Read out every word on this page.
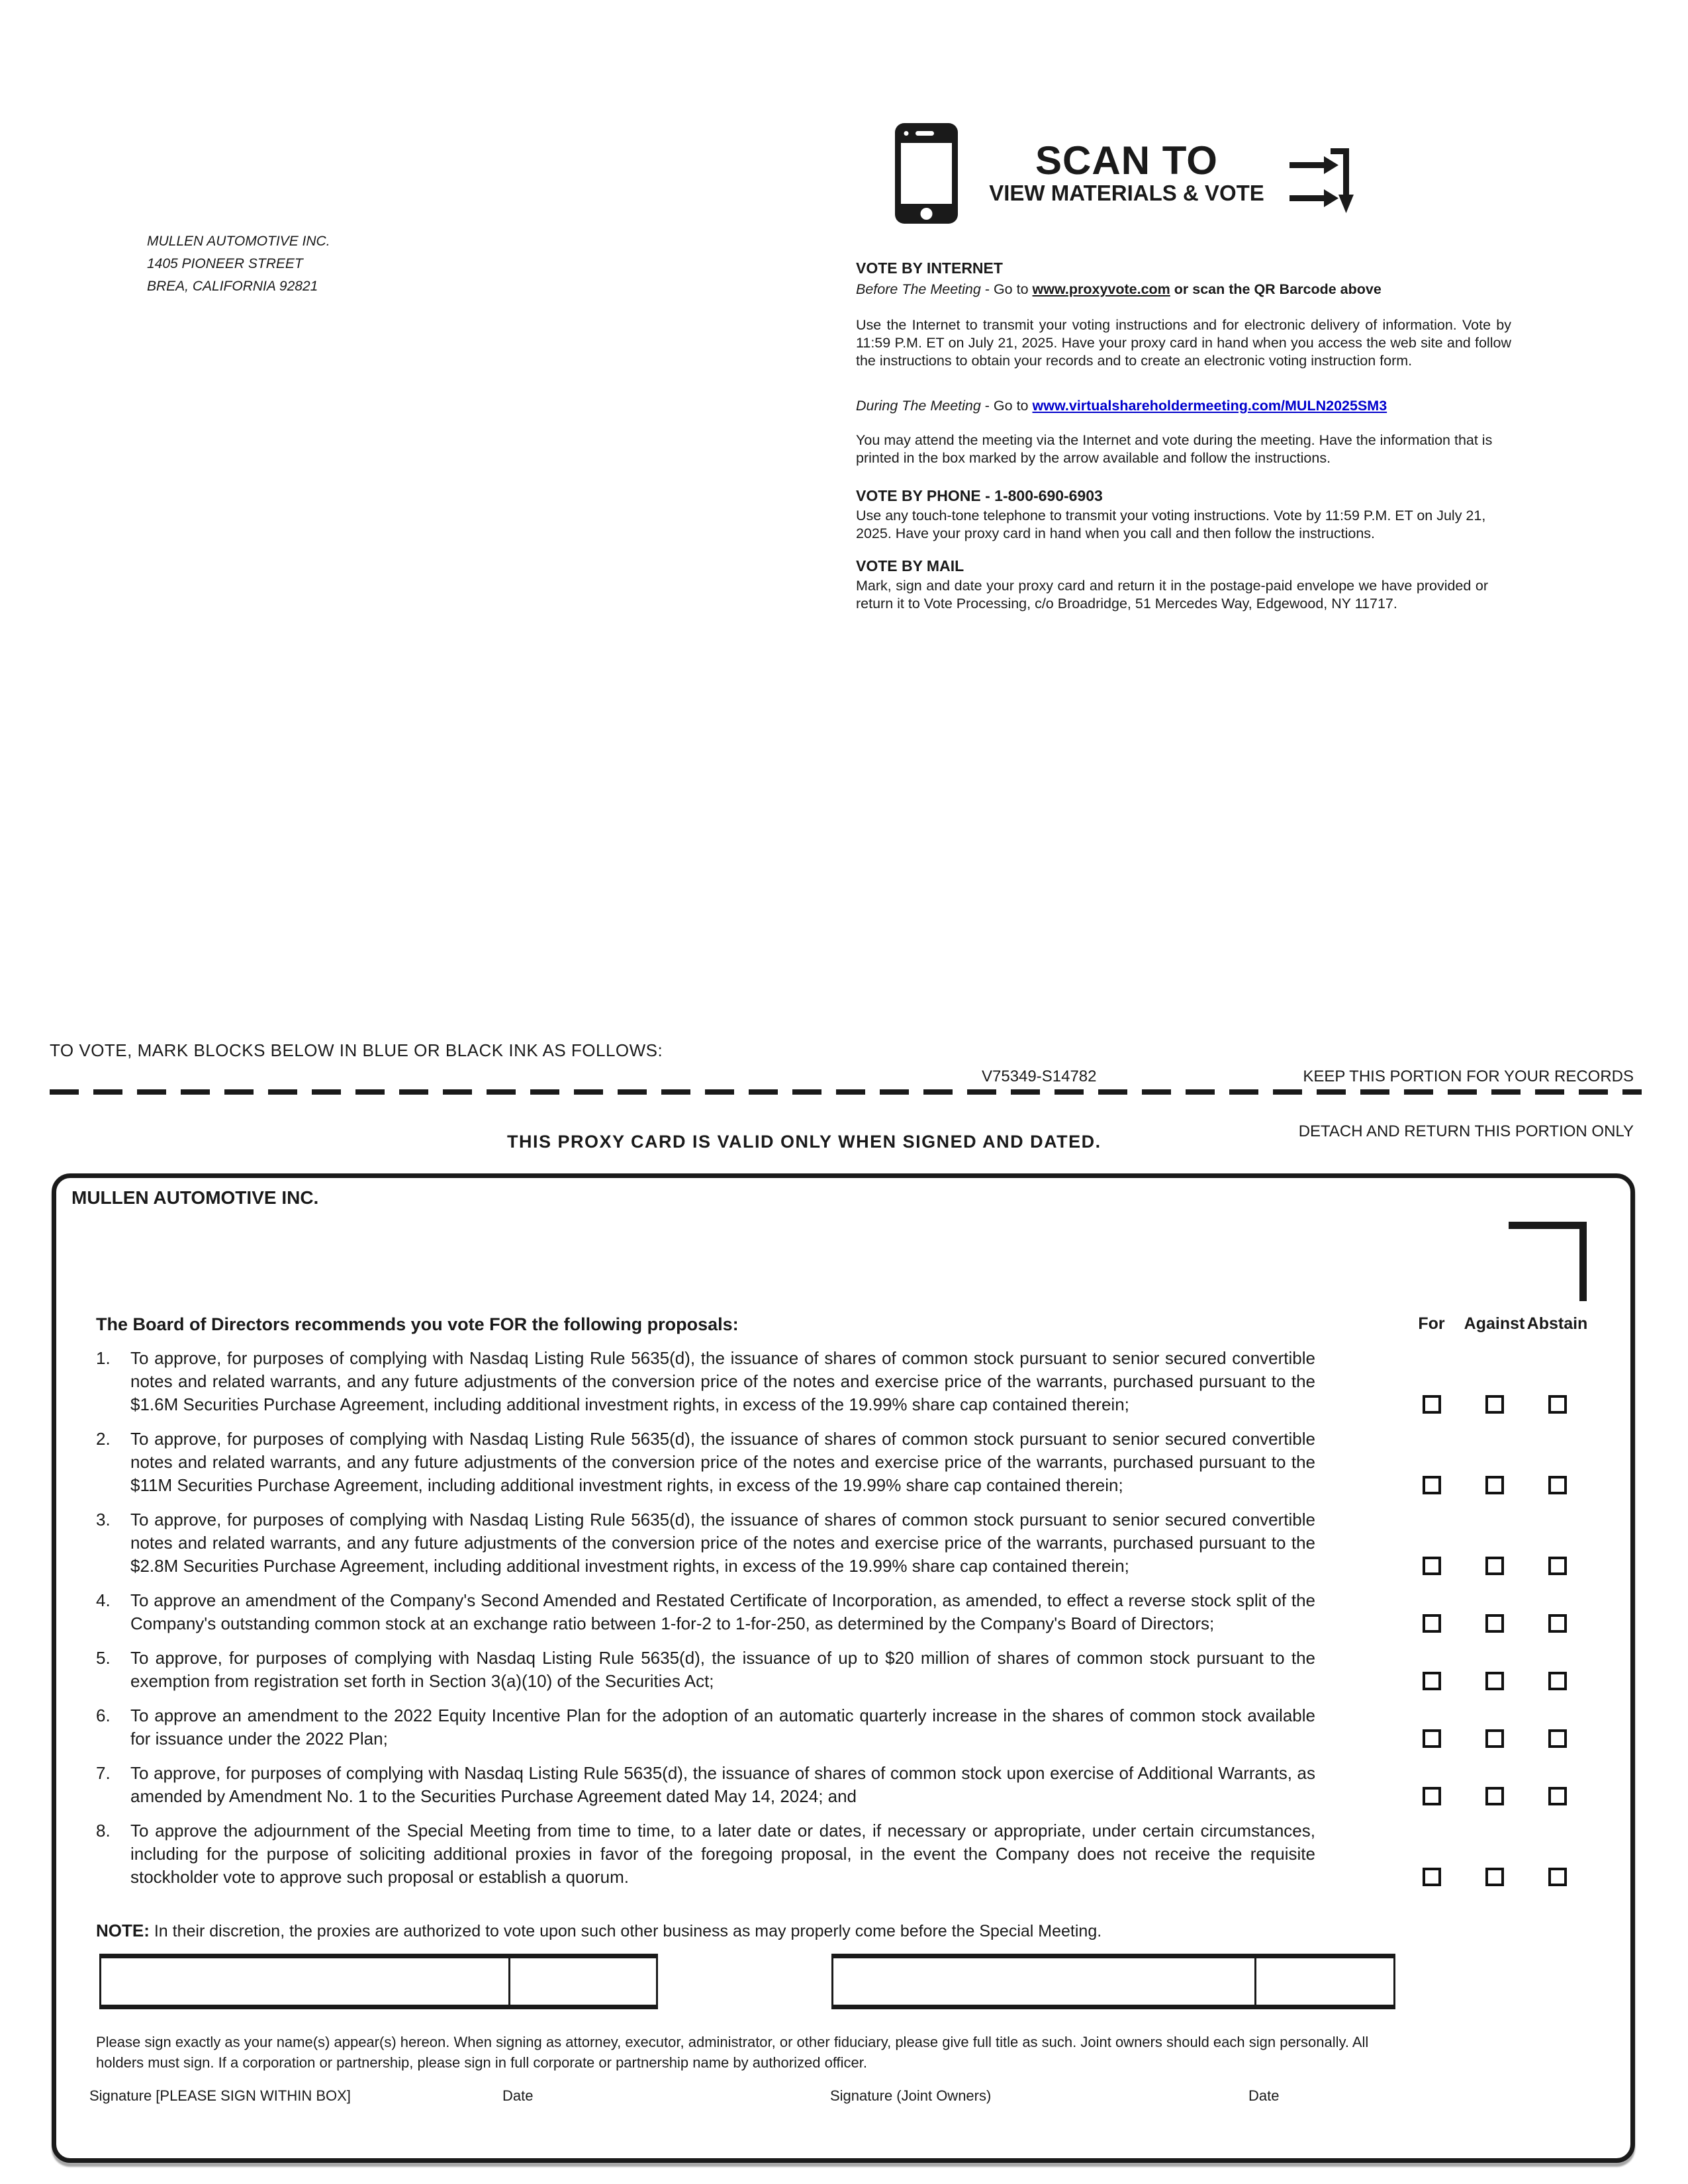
MULLEN AUTOMOTIVE INC.
1405 PIONEER STREET
BREA, CALIFORNIA 92821
SCAN TO
VIEW MATERIALS & VOTE
VOTE BY INTERNET
Before The Meeting - Go to www.proxyvote.com or scan the QR Barcode above
Use the Internet to transmit your voting instructions and for electronic delivery of information. Vote by 11:59 P.M. ET on July 21, 2025. Have your proxy card in hand when you access the web site and follow the instructions to obtain your records and to create an electronic voting instruction form.
During The Meeting - Go to www.virtualshareholdermeeting.com/MULN2025SM3
You may attend the meeting via the Internet and vote during the meeting. Have the information that is printed in the box marked by the arrow available and follow the instructions.
VOTE BY PHONE - 1-800-690-6903
Use any touch-tone telephone to transmit your voting instructions. Vote by 11:59 P.M. ET on July 21, 2025. Have your proxy card in hand when you call and then follow the instructions.
VOTE BY MAIL
Mark, sign and date your proxy card and return it in the postage-paid envelope we have provided or return it to Vote Processing, c/o Broadridge, 51 Mercedes Way, Edgewood, NY 11717.
TO VOTE, MARK BLOCKS BELOW IN BLUE OR BLACK INK AS FOLLOWS:
V75349-S14782	KEEP THIS PORTION FOR YOUR RECORDS
DETACH AND RETURN THIS PORTION ONLY
THIS PROXY CARD IS VALID ONLY WHEN SIGNED AND DATED.
MULLEN AUTOMOTIVE INC.
The Board of Directors recommends you vote FOR the following proposals:	For Against Abstain
1.	To approve, for purposes of complying with Nasdaq Listing Rule 5635(d), the issuance of shares of common stock pursuant to senior secured convertible notes and related warrants, and any future adjustments of the conversion price of the notes and exercise price of the warrants, purchased pursuant to the $1.6M Securities Purchase Agreement, including additional investment rights, in excess of the 19.99% share cap contained therein;
2.	To approve, for purposes of complying with Nasdaq Listing Rule 5635(d), the issuance of shares of common stock pursuant to senior secured convertible notes and related warrants, and any future adjustments of the conversion price of the notes and exercise price of the warrants, purchased pursuant to the $11M Securities Purchase Agreement, including additional investment rights, in excess of the 19.99% share cap contained therein;
3.	To approve, for purposes of complying with Nasdaq Listing Rule 5635(d), the issuance of shares of common stock pursuant to senior secured convertible notes and related warrants, and any future adjustments of the conversion price of the notes and exercise price of the warrants, purchased pursuant to the $2.8M Securities Purchase Agreement, including additional investment rights, in excess of the 19.99% share cap contained therein;
4.	To approve an amendment of the Company's Second Amended and Restated Certificate of Incorporation, as amended, to effect a reverse stock split of the Company's outstanding common stock at an exchange ratio between 1-for-2 to 1-for-250, as determined by the Company's Board of Directors;
5.	To approve, for purposes of complying with Nasdaq Listing Rule 5635(d), the issuance of up to $20 million of shares of common stock pursuant to the exemption from registration set forth in Section 3(a)(10) of the Securities Act;
6.	To approve an amendment to the 2022 Equity Incentive Plan for the adoption of an automatic quarterly increase in the shares of common stock available for issuance under the 2022 Plan;
7.	To approve, for purposes of complying with Nasdaq Listing Rule 5635(d), the issuance of shares of common stock upon exercise of Additional Warrants, as amended by Amendment No. 1 to the Securities Purchase Agreement dated May 14, 2024; and
8.	To approve the adjournment of the Special Meeting from time to time, to a later date or dates, if necessary or appropriate, under certain circumstances, including for the purpose of soliciting additional proxies in favor of the foregoing proposal, in the event the Company does not receive the requisite stockholder vote to approve such proposal or establish a quorum.
NOTE: In their discretion, the proxies are authorized to vote upon such other business as may properly come before the Special Meeting.
Please sign exactly as your name(s) appear(s) hereon. When signing as attorney, executor, administrator, or other fiduciary, please give full title as such. Joint owners should each sign personally. All holders must sign. If a corporation or partnership, please sign in full corporate or partnership name by authorized officer.
Signature [PLEASE SIGN WITHIN BOX]	Date	Signature (Joint Owners)	Date
